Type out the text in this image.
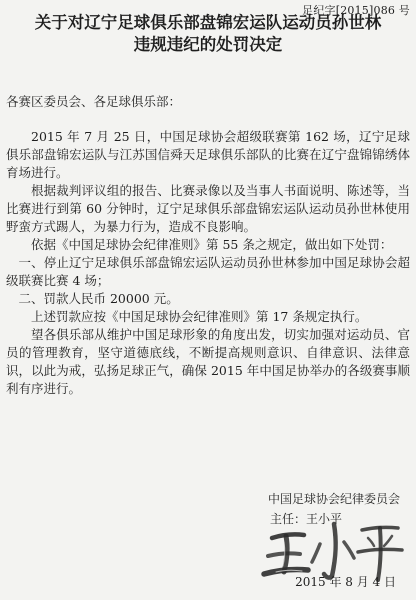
足纪字[2015]086 号
关于对辽宁足球俱乐部盘锦宏运队运动员孙世林
违规违纪的处罚决定
各赛区委员会、各足球俱乐部：

2015 年 7 月 25 日，中国足球协会超级联赛第 162 场，辽宁足球俱乐部盘锦宏运队与江苏国信舜天足球俱乐部队的比赛在辽宁盘锦锦绣体育场进行。

根据裁判评议组的报告、比赛录像以及当事人书面说明、陈述等，当比赛进行到第 60 分钟时，辽宁足球俱乐部盘锦宏运队运动员孙世林使用野蛮方式踢人，为暴力行为，造成不良影响。

依据《中国足球协会纪律准则》第 55 条之规定，做出如下处罚：

一、停止辽宁足球俱乐部盘锦宏运队运动员孙世林参加中国足球协会超级联赛比赛 4 场；

二、罚款人民币 20000 元。

上述罚款应按《中国足球协会纪律准则》第 17 条规定执行。

望各俱乐部从维护中国足球形象的角度出发，切实加强对运动员、官员的管理教育，坚守道德底线，不断提高规则意识、自律意识、法律意识，以此为戒，弘扬足球正气，确保 2015 年中国足协举办的各级赛事顺利有序进行。

中国足球协会纪律委员会
主任：王小平
2015 年 8 月 4 日
